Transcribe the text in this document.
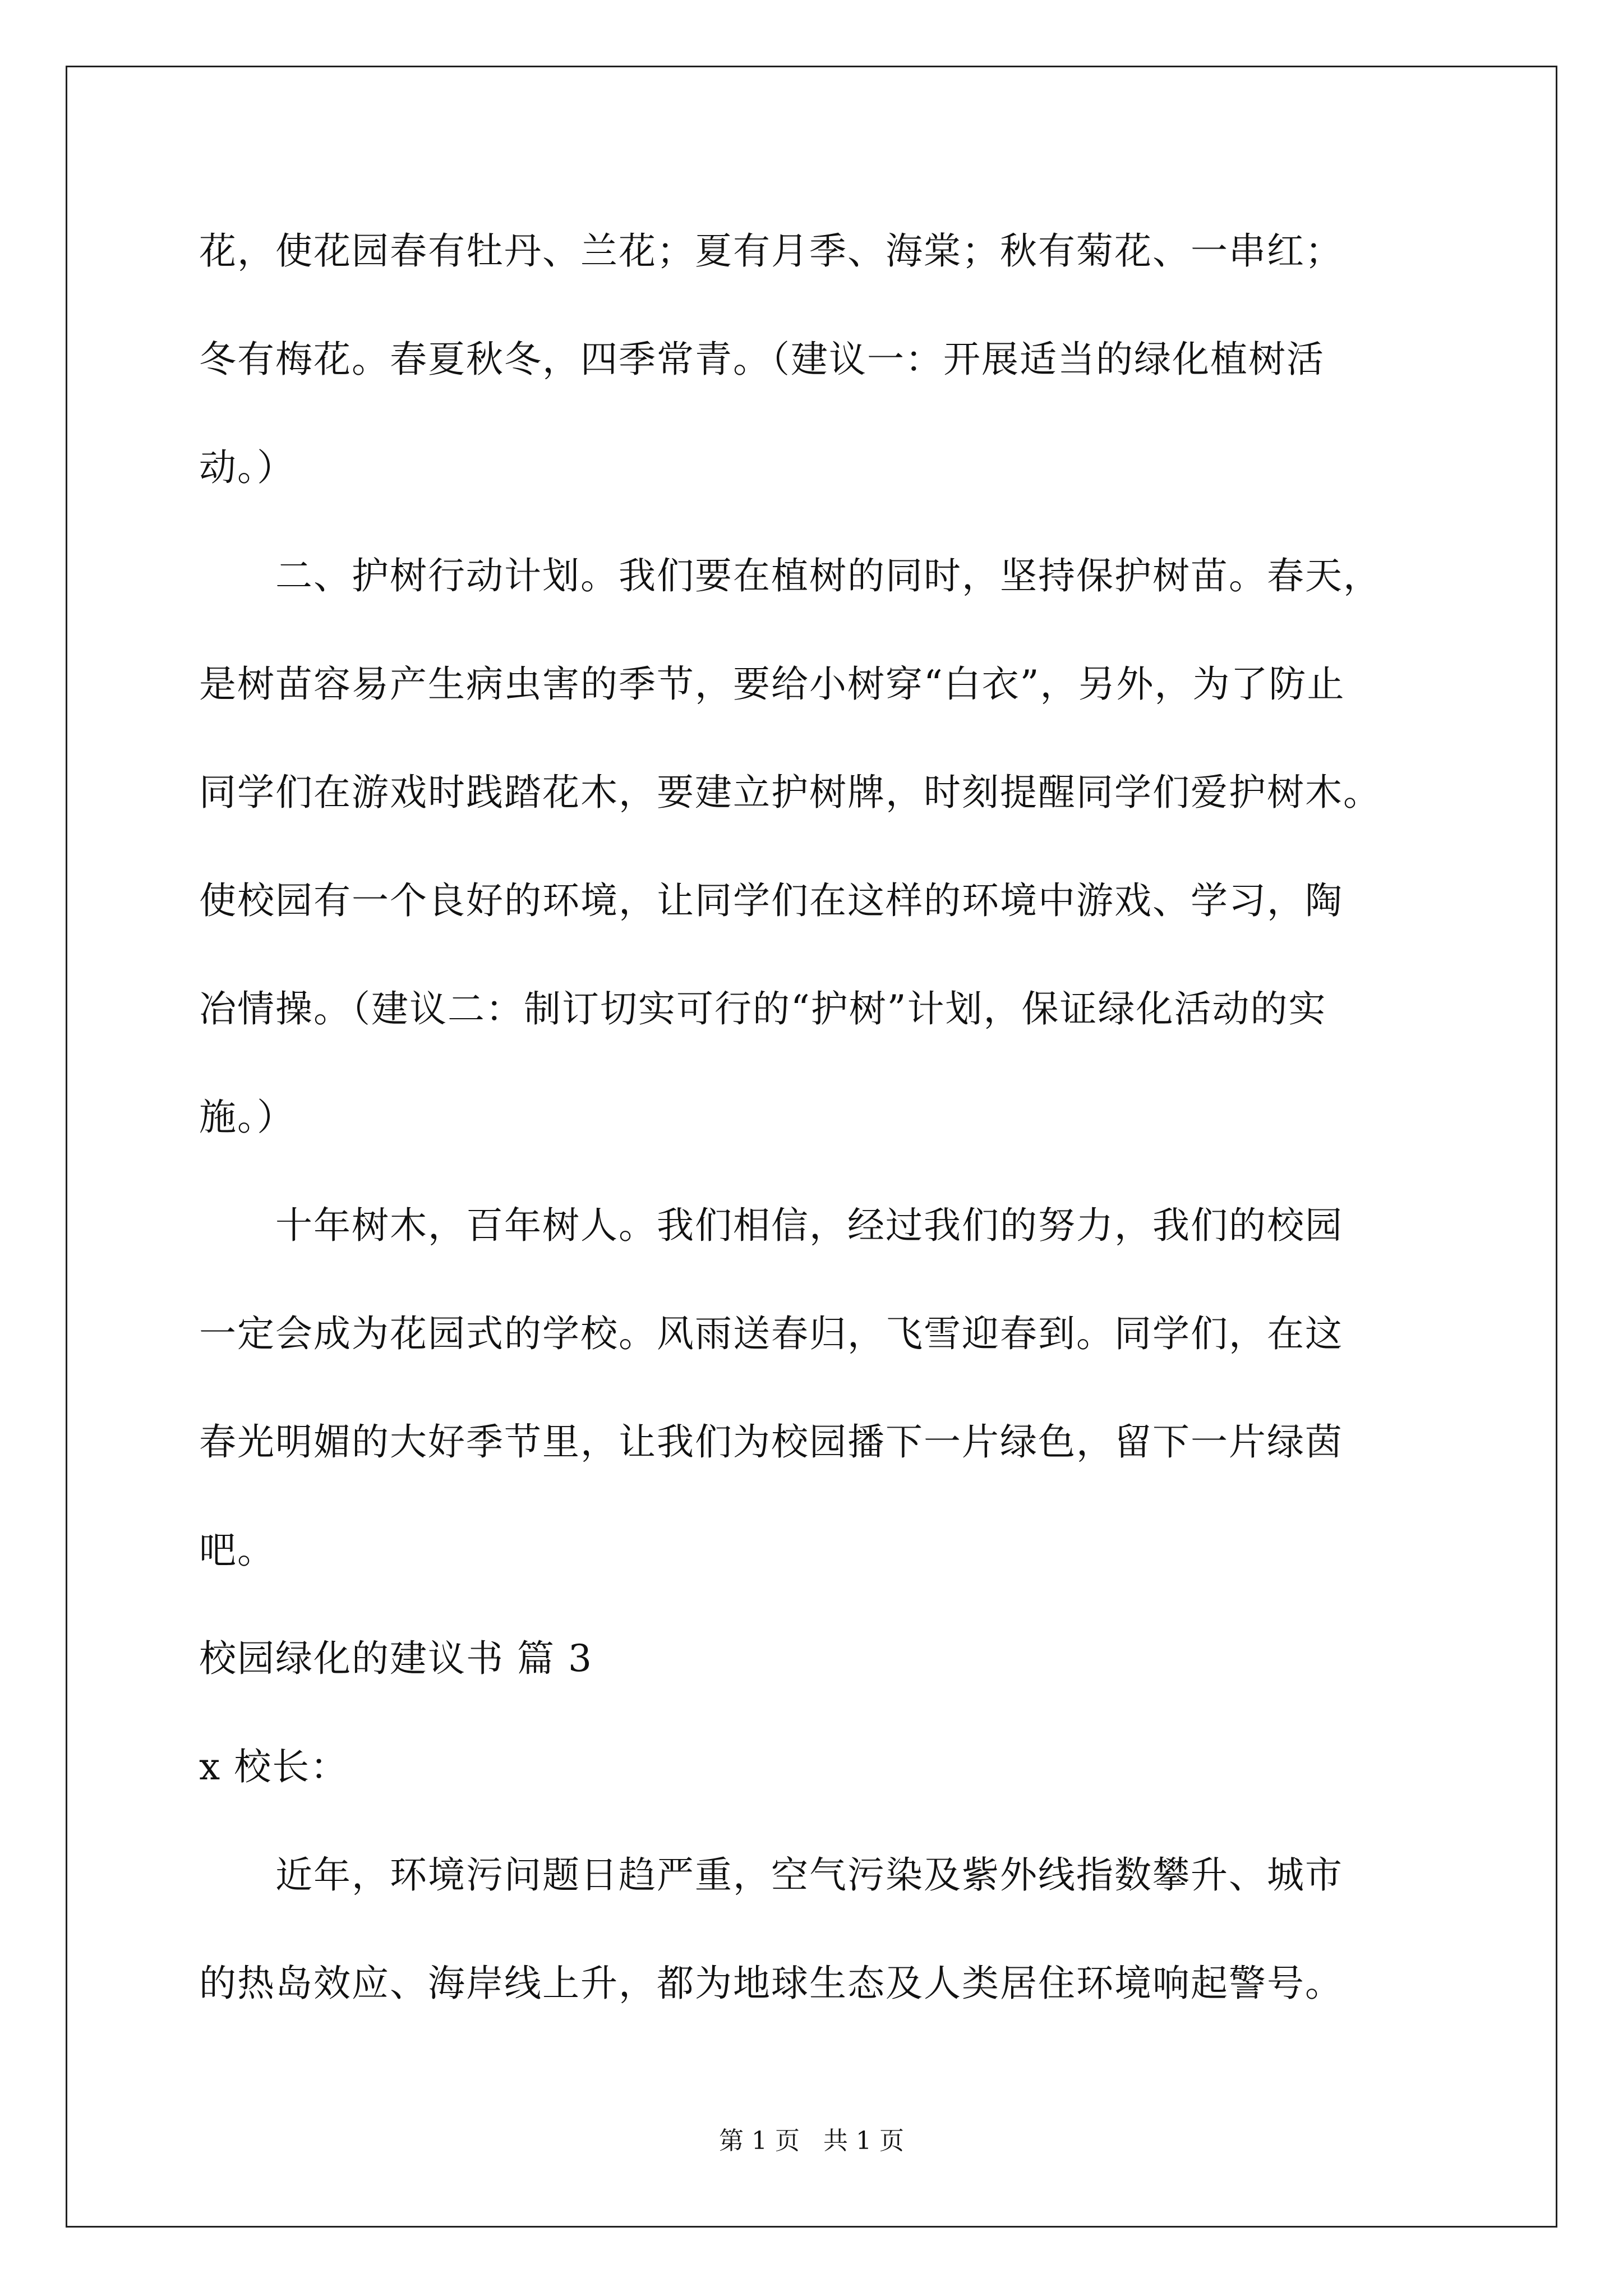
花，使花园春有牡丹、兰花；夏有月季、海棠；秋有菊花、一串红；
冬有梅花。春夏秋冬，四季常青。（建议一：开展适当的绿化植树活
动。）
　　二、护树行动计划。我们要在植树的同时，坚持保护树苗。春天，
是树苗容易产生病虫害的季节，要给小树穿“白衣”，另外，为了防止
同学们在游戏时践踏花木，要建立护树牌，时刻提醒同学们爱护树木。
使校园有一个良好的环境，让同学们在这样的环境中游戏、学习，陶
冶情操。（建议二：制订切实可行的“护树”计划，保证绿化活动的实
施。）
　　十年树木，百年树人。我们相信，经过我们的努力，我们的校园
一定会成为花园式的学校。风雨送春归，飞雪迎春到。同学们，在这
春光明媚的大好季节里，让我们为校园播下一片绿色，留下一片绿茵
吧。
校园绿化的建议书 篇 3
x 校长：
　　近年，环境污问题日趋严重，空气污染及紫外线指数攀升、城市
的热岛效应、海岸线上升，都为地球生态及人类居住环境响起警号。
第 1 页 共 1 页
